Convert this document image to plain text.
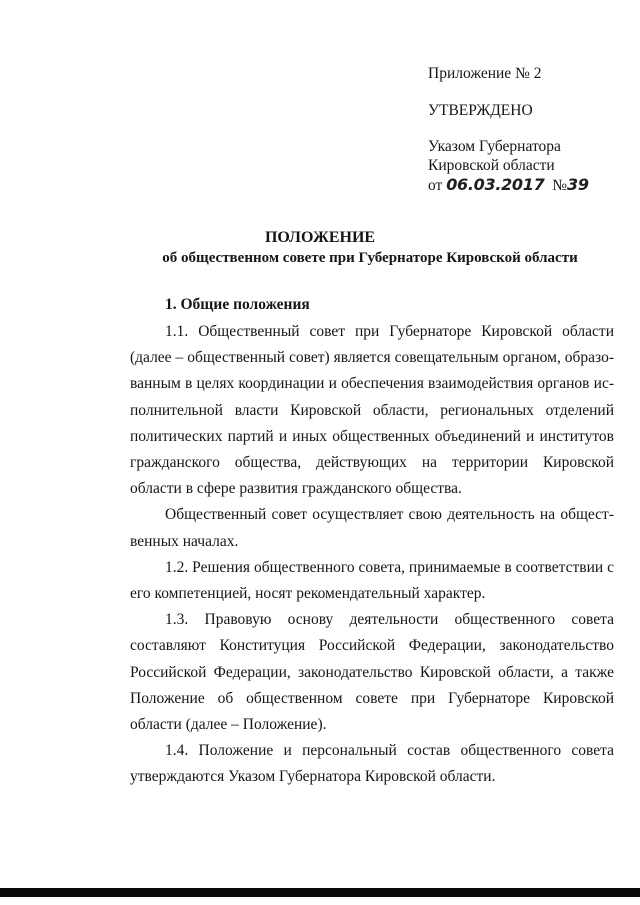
Приложение № 2
УТВЕРЖДЕНО
Указом Губернатора
Кировской области
от 06.03.2017 №39
ПОЛОЖЕНИЕ
об общественном совете при Губернаторе Кировской области
1. Общие положения

1.1. Общественный совет при Губернаторе Кировской области (далее – общественный совет) является совещательным органом, образованным в целях координации и обеспечения взаимодействия органов исполнительной власти Кировской области, региональных отделений политических партий и иных общественных объединений и институтов гражданского общества, действующих на территории Кировской области в сфере развития гражданского общества.

Общественный совет осуществляет свою деятельность на общественных началах.

1.2. Решения общественного совета, принимаемые в соответствии с его компетенцией, носят рекомендательный характер.

1.3. Правовую основу деятельности общественного совета составляют Конституция Российской Федерации, законодательство Российской Федерации, законодательство Кировской области, а также Положение об общественном совете при Губернаторе Кировской области (далее – Положение).

1.4. Положение и персональный состав общественного совета утверждаются Указом Губернатора Кировской области.
